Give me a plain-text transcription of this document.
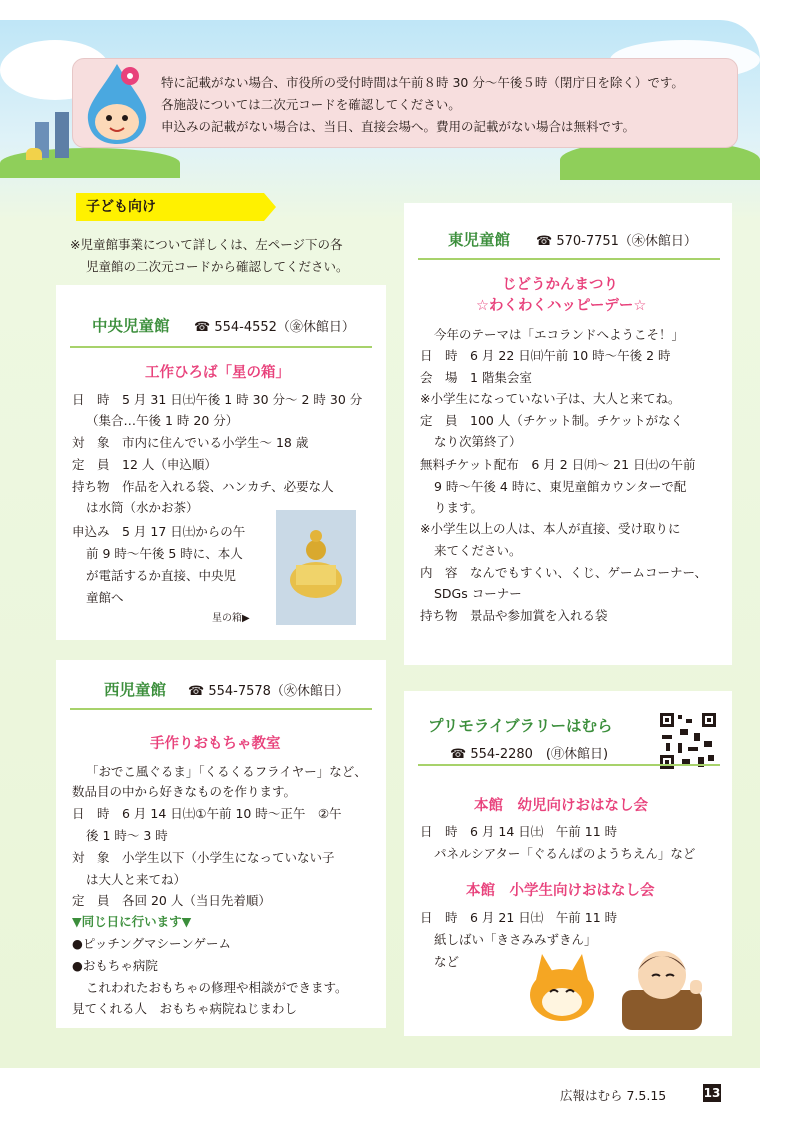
特に記載がない場合、市役所の受付時間は午前８時 30 分～午後５時（閉庁日を除く）です。

各施設については二次元コードを確認してください。

申込みの記載がない場合は、当日、直接会場へ。費用の記載がない場合は無料です。

子ども向け
※児童館事業について詳しくは、左ページ下の各
児童館の二次元コードから確認してください。
中央児童館 ☎ 554-4552（㊎休館日）
工作ひろば「星の箱」
日　時　5 月 31 日㈯午後 1 時 30 分～ 2 時 30 分
（集合…午後 1 時 20 分）
対　象　市内に住んでいる小学生～ 18 歳
定　員　12 人（申込順）
持ち物　作品を入れる袋、ハンカチ、必要な人
は水筒（水かお茶）
申込み　5 月 17 日㈯からの午
前 9 時～午後 5 時に、本人
が電話するか直接、中央児
童館へ
星の箱▶
西児童館 ☎ 554-7578（㊋休館日）
手作りおもちゃ教室
「おでこ風ぐるま」「くるくるフライヤー」など、
数品目の中から好きなものを作ります。
日　時　6 月 14 日㈯①午前 10 時～正午　②午
後 1 時～ 3 時
対　象　小学生以下（小学生になっていない子
は大人と来てね）
定　員　各回 20 人（当日先着順）
▼同じ日に行います▼
●ピッチングマシーンゲーム
●おもちゃ病院
これわれたおもちゃの修理や相談ができます。
見てくれる人　おもちゃ病院ねじまわし
東児童館 ☎ 570-7751（㊍休館日）
じどうかんまつり
☆わくわくハッピーデー☆
今年のテーマは「エコランドへようこそ！」
日　時　6 月 22 日㈰午前 10 時～午後 2 時
会　場　1 階集会室
※小学生になっていない子は、大人と来てね。
定　員　100 人（チケット制。チケットがなく
なり次第終了）
無料チケット配布　6 月 2 日㈪～ 21 日㈯の午前
9 時～午後 4 時に、東児童館カウンターで配
ります。
※小学生以上の人は、本人が直接、受け取りに
来てください。
内　容　なんでもすくい、くじ、ゲームコーナー、
SDGs コーナー
持ち物　景品や参加賞を入れる袋
プリモライブラリーはむら
☎ 554-2280　(㊊休館日)
本館　幼児向けおはなし会
日　時　6 月 14 日㈯　午前 11 時
パネルシアター「ぐるんぱのようちえん」など
本館　小学生向けおはなし会
日　時　6 月 21 日㈯　午前 11 時
紙しばい「きさみみずきん」
など
広報はむら 7.5.15	13
